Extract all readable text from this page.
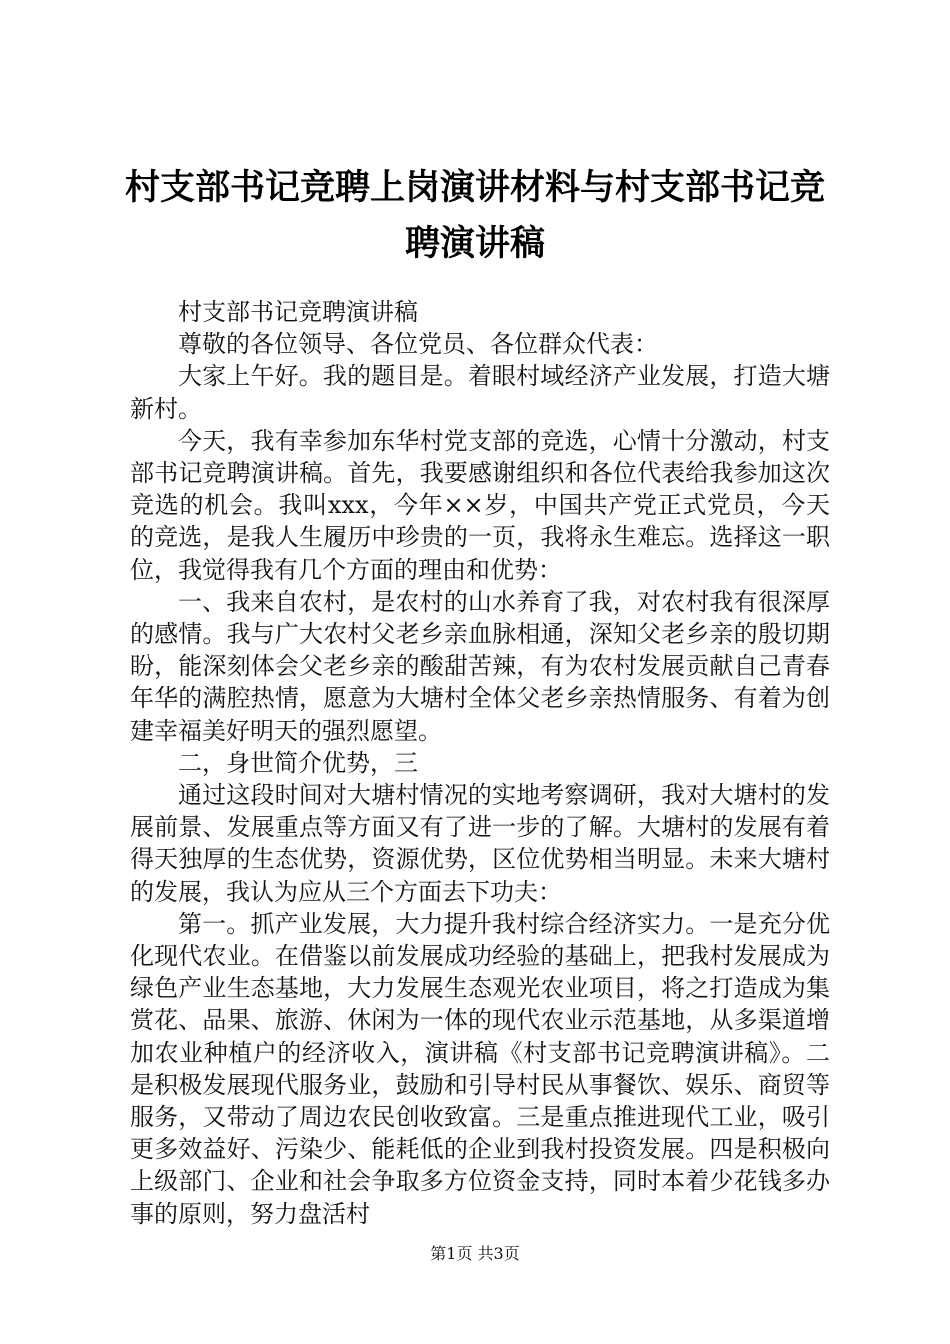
村支部书记竞聘上岗演讲材料与村支部书记竞聘演讲稿

村支部书记竞聘演讲稿

尊敬的各位领导、各位党员、各位群众代表：

大家上午好。我的题目是。着眼村域经济产业发展，打造大塘新村。

今天，我有幸参加东华村党支部的竞选，心情十分激动，村支部书记竞聘演讲稿。首先，我要感谢组织和各位代表给我参加这次竞选的机会。我叫xxx，今年××岁，中国共产党正式党员，今天的竞选，是我人生履历中珍贵的一页，我将永生难忘。选择这一职位，我觉得我有几个方面的理由和优势：

一、我来自农村，是农村的山水养育了我，对农村我有很深厚的感情。我与广大农村父老乡亲血脉相通，深知父老乡亲的殷切期盼，能深刻体会父老乡亲的酸甜苦辣，有为农村发展贡献自己青春年华的满腔热情，愿意为大塘村全体父老乡亲热情服务、有着为创建幸福美好明天的强烈愿望。

二，身世简介优势，三

通过这段时间对大塘村情况的实地考察调研，我对大塘村的发展前景、发展重点等方面又有了进一步的了解。大塘村的发展有着得天独厚的生态优势，资源优势，区位优势相当明显。未来大塘村的发展，我认为应从三个方面去下功夫：

第一。抓产业发展，大力提升我村综合经济实力。一是充分优化现代农业。在借鉴以前发展成功经验的基础上，把我村发展成为绿色产业生态基地，大力发展生态观光农业项目，将之打造成为集赏花、品果、旅游、休闲为一体的现代农业示范基地，从多渠道增加农业种植户的经济收入，演讲稿《村支部书记竞聘演讲稿》。二是积极发展现代服务业，鼓励和引导村民从事餐饮、娱乐、商贸等服务，又带动了周边农民创收致富。三是重点推进现代工业，吸引更多效益好、污染少、能耗低的企业到我村投资发展。四是积极向上级部门、企业和社会争取多方位资金支持，同时本着少花钱多办事的原则，努力盘活村

第1页 共3页
